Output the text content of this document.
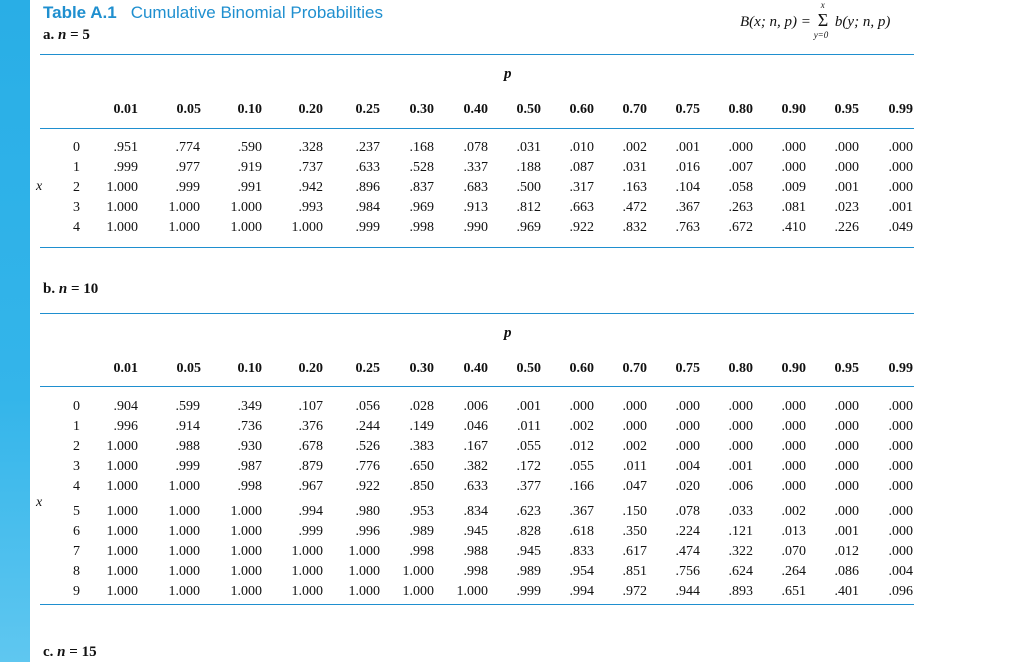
Table A.1 Cumulative Binomial Probabilities	B(x; n, p) = Σ
x
y=0
b(y; n, p)
a. n = 5
p
0.01	0.05	0.10	0.20	0.25	0.30	0.40	0.50	0.60	0.70	0.75	0.80	0.90	0.95	0.99
x
0	.951	.774	.590	.328	.237	.168	.078	.031	.010	.002	.001	.000	.000	.000	.000
1	.999	.977	.919	.737	.633	.528	.337	.188	.087	.031	.016	.007	.000	.000	.000
2	1.000	.999	.991	.942	.896	.837	.683	.500	.317	.163	.104	.058	.009	.001	.000
3	1.000	1.000	1.000	.993	.984	.969	.913	.812	.663	.472	.367	.263	.081	.023	.001
4	1.000	1.000	1.000	1.000	.999	.998	.990	.969	.922	.832	.763	.672	.410	.226	.049
b. n = 10
p
0.01	0.05	0.10	0.20	0.25	0.30	0.40	0.50	0.60	0.70	0.75	0.80	0.90	0.95	0.99
x
0	.904	.599	.349	.107	.056	.028	.006	.001	.000	.000	.000	.000	.000	.000	.000
1	.996	.914	.736	.376	.244	.149	.046	.011	.002	.000	.000	.000	.000	.000	.000
2	1.000	.988	.930	.678	.526	.383	.167	.055	.012	.002	.000	.000	.000	.000	.000
3	1.000	.999	.987	.879	.776	.650	.382	.172	.055	.011	.004	.001	.000	.000	.000
4	1.000	1.000	.998	.967	.922	.850	.633	.377	.166	.047	.020	.006	.000	.000	.000
5	1.000	1.000	1.000	.994	.980	.953	.834	.623	.367	.150	.078	.033	.002	.000	.000
6	1.000	1.000	1.000	.999	.996	.989	.945	.828	.618	.350	.224	.121	.013	.001	.000
7	1.000	1.000	1.000	1.000	1.000	.998	.988	.945	.833	.617	.474	.322	.070	.012	.000
8	1.000	1.000	1.000	1.000	1.000	1.000	.998	.989	.954	.851	.756	.624	.264	.086	.004
9	1.000	1.000	1.000	1.000	1.000	1.000	1.000	.999	.994	.972	.944	.893	.651	.401	.096
c. n = 15
